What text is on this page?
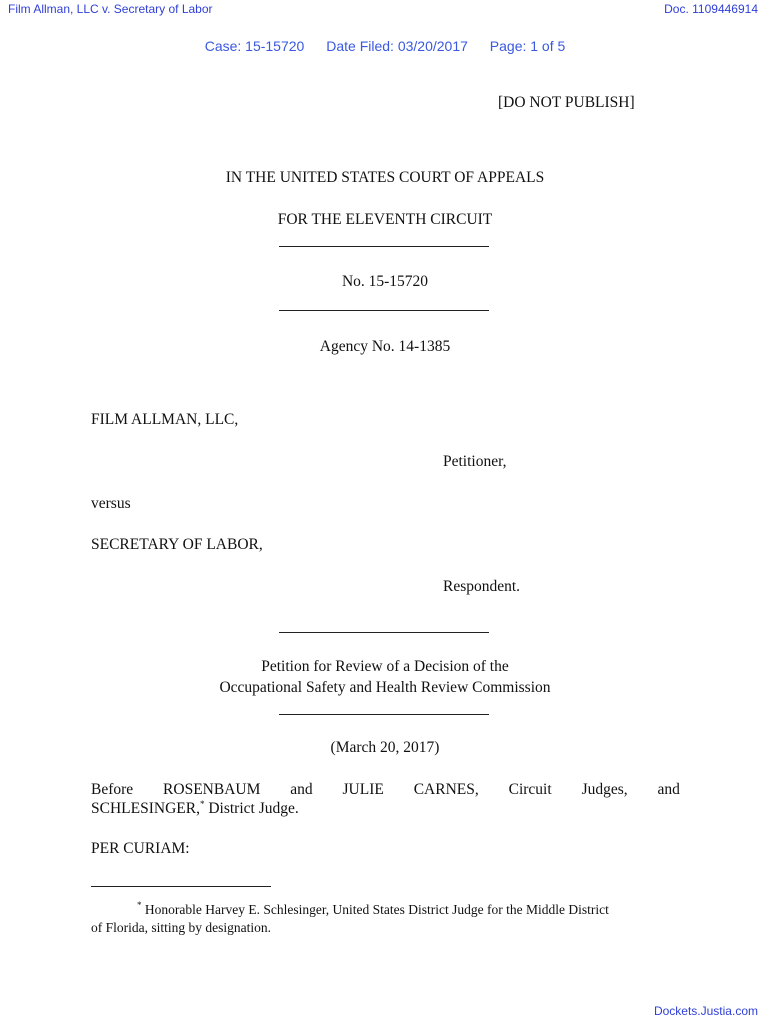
Film Allman, LLC v. Secretary of Labor	Doc. 1109446914
Case: 15-15720 Date Filed: 03/20/2017 Page: 1 of 5
[DO NOT PUBLISH]
IN THE UNITED STATES COURT OF APPEALS
FOR THE ELEVENTH CIRCUIT
No. 15-15720
Agency No. 14-1385
FILM ALLMAN, LLC,
Petitioner,
versus
SECRETARY OF LABOR,
Respondent.
Petition for Review of a Decision of the
Occupational Safety and Health Review Commission
(March 20, 2017)
Before ROSENBAUM and JULIE CARNES, Circuit Judges, and
SCHLESINGER,* District Judge.
PER CURIAM:
* Honorable Harvey E. Schlesinger, United States District Judge for the Middle District
of Florida, sitting by designation.
Dockets.Justia.com
